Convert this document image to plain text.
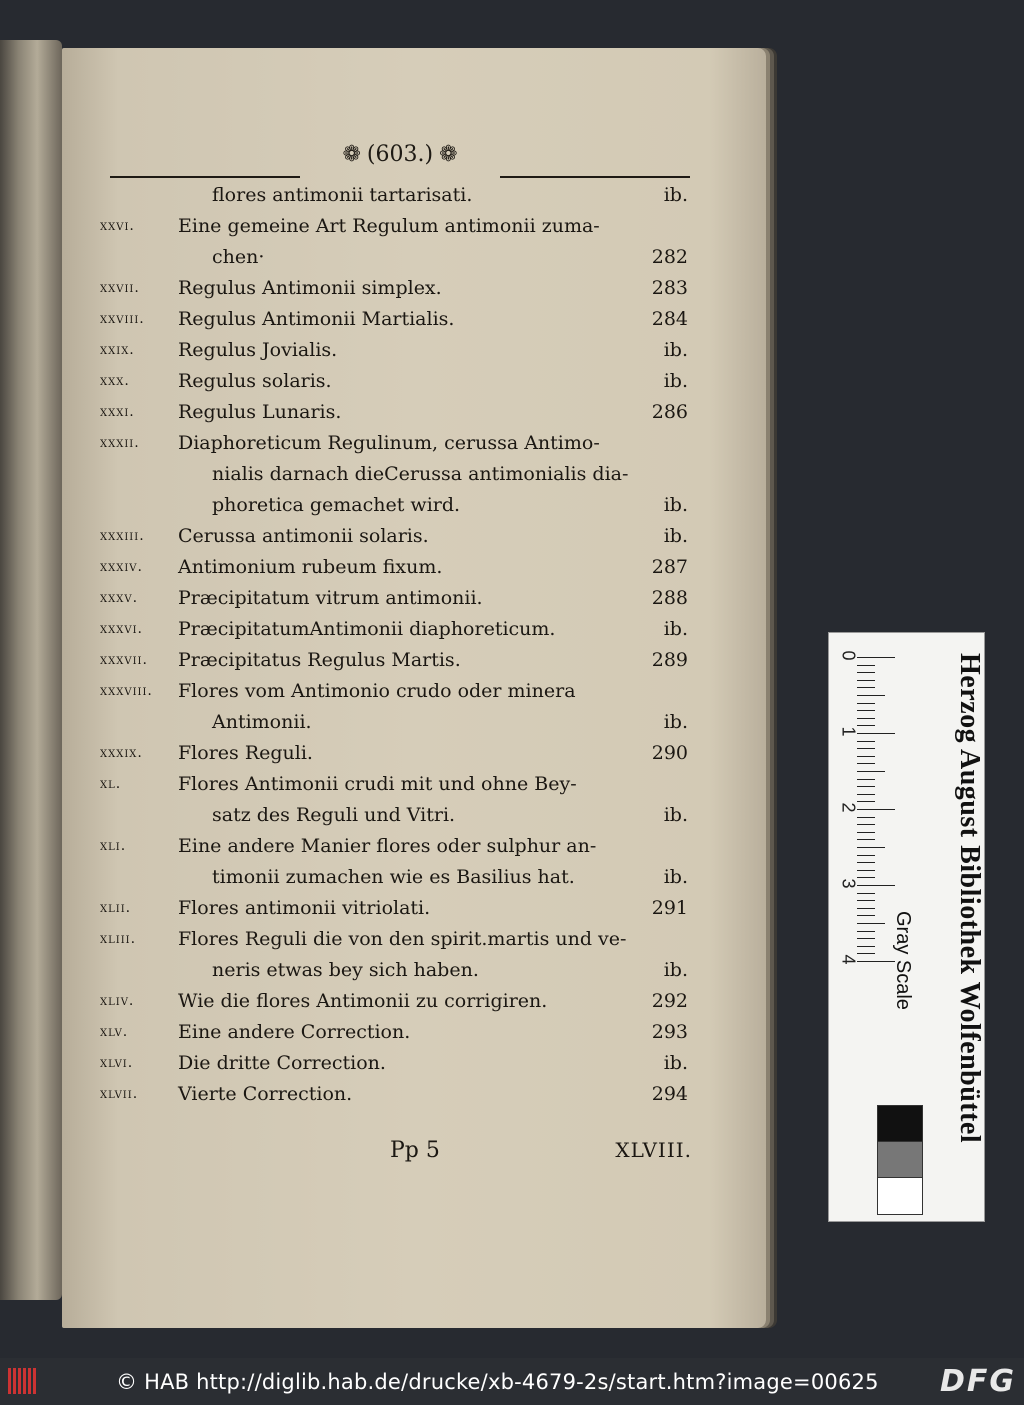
❁ (603.) ❁
flores antimonii tartarisati.	ib.
xxvi. Eine gemeine Art Regulum antimonii zuma-
chen·	282
xxvii. Regulus Antimonii simplex.	283
xxviii. Regulus Antimonii Martialis.	284
xxix. Regulus Jovialis.	ib.
xxx.	Regulus solaris.	ib.
xxxi. Regulus Lunaris.	286
xxxii. Diaphoreticum Regulinum, cerussa Antimo-
nialis darnach dieCerussa antimonialis dia-
phoretica gemachet wird.	ib.
xxxiii. Cerussa antimonii solaris.	ib.
xxxiv. Antimonium rubeum fixum.	287
xxxv. Præcipitatum vitrum antimonii.	288
xxxvi. PræcipitatumAntimonii diaphoreticum.	ib.
xxxvii. Præcipitatus Regulus Martis.	289
xxxviii. Flores vom Antimonio crudo oder minera
Antimonii.	ib.
xxxix. Flores Reguli.	290
xl.	Flores Antimonii crudi mit und ohne Bey-
satz des Reguli und Vitri.	ib.
xli.	Eine andere Manier flores oder sulphur an-
timonii zumachen wie es Basilius hat.	ib.
xlii. Flores antimonii vitriolati.	291
xliii. Flores Reguli die von den spirit.martis und ve-
neris etwas bey sich haben.	ib.
xliv. Wie die flores Antimonii zu corrigiren.	292
xlv.	Eine andere Correction.	293
xlvi. Die dritte Correction.	ib.
xlvii. Vierte Correction.	294
Pp 5	XLVIII.
0
1
2
3
4 Gray Scale	Herzog August Bibliothek Wolfenbüttel
© HAB http://diglib.hab.de/drucke/xb-4679-2s/start.htm?image=00625 DFG
